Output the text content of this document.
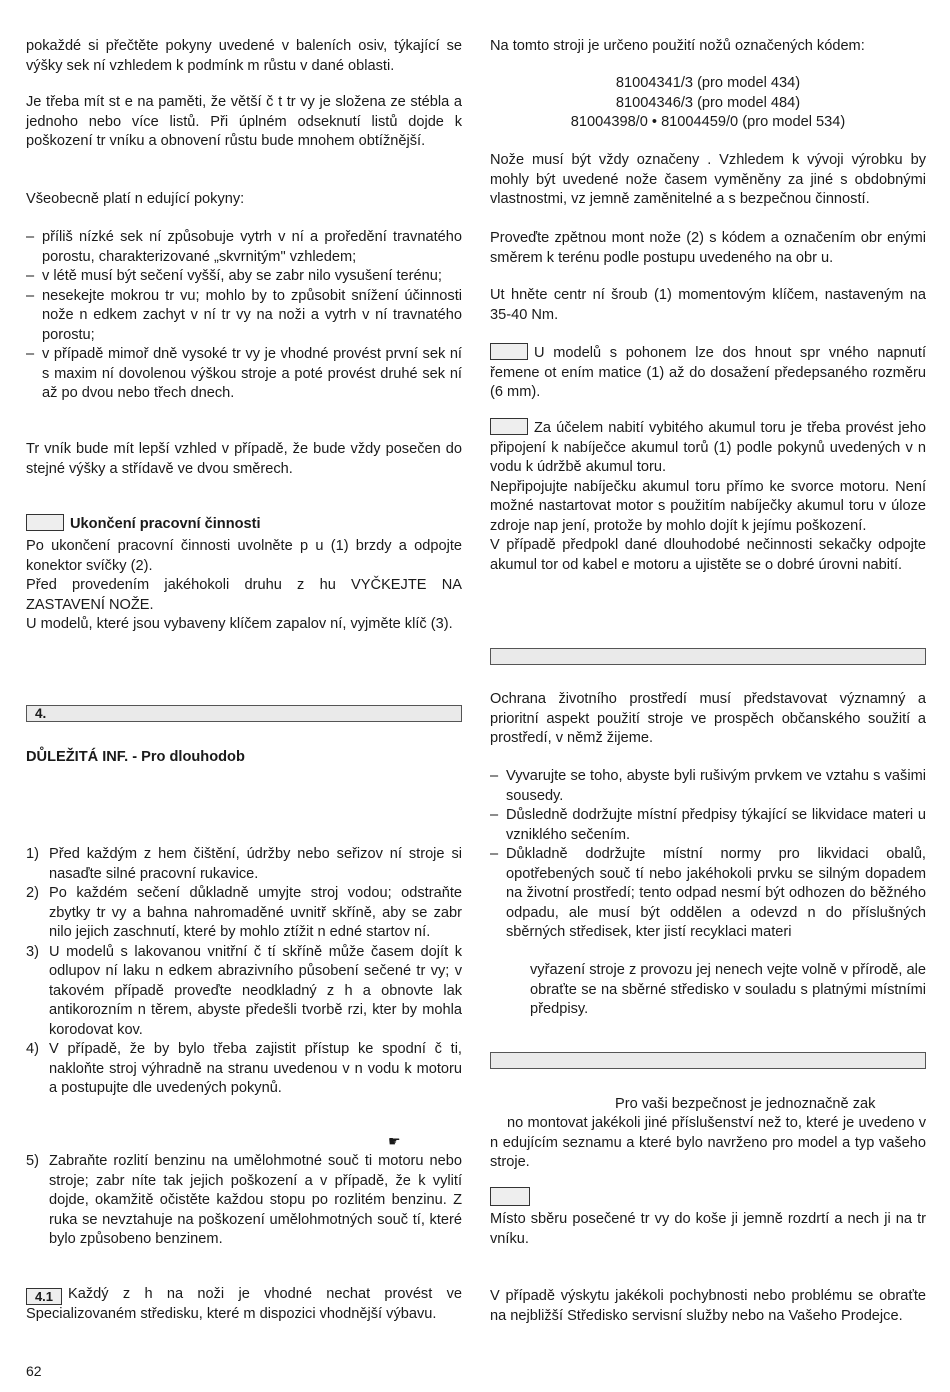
pokaždé si přečtěte pokyny uvedené v baleních osiv, týkající se výšky sek ní vzhledem k podmínk m růstu v dané oblasti.

Je třeba mít st e na paměti, že větší č t tr vy je složena ze stébla a jednoho nebo více listů. Při úplném odseknutí listů dojde k poškození tr vníku a obnovení růstu bude mnohem obtížnější.

Všeobecně platí n edující pokyny:

– příliš nízké sek ní způsobuje vytrh v ní a proředění travnatého porostu, charakterizované „skvrnitým" vzhledem;
– v létě musí být sečení vyšší, aby se zabr nilo vysušení terénu;
– nesekejte mokrou tr vu; mohlo by to způsobit snížení účinnosti nože n edkem zachyt v ní tr vy na noži a vytrh v ní travnatého porostu;
– v případě mimoř dně vysoké tr vy je vhodné provést první sek ní s maxim ní dovolenou výškou stroje a poté provést druhé sek ní až po dvou nebo třech dnech.

Tr vník bude mít lepší vzhled v případě, že bude vždy posečen do stejné výšky a střídavě ve dvou směrech.

Ukončení pracovní činnosti

Po ukončení pracovní činnosti uvolněte p u (1) brzdy a odpojte konektor svíčky (2).

Před provedením jakéhokoli druhu z hu VYČKEJTE NA ZASTAVENÍ NOŽE.

U modelů, které jsou vybaveny klíčem zapalov ní, vyjměte klíč (3).

4.

DŮLEŽITÁ INF. - Pro dlouhodob

1) Před každým z hem čištění, údržby nebo seřizov ní stroje si nasaďte silné pracovní rukavice.
2) Po každém sečení důkladně umyjte stroj vodou; odstraňte zbytky tr vy a bahna nahromaděné uvnitř skříně, aby se zabr nilo jejich zaschnutí, které by mohlo ztížit n edné startov ní.
3) U modelů s lakovanou vnitřní č tí skříně může časem dojít k odlupov ní laku n edkem abrazivního působení sečené tr vy; v takovém případě proveďte neodkladný z h a obnovte lak antikorozním n těrem, abyste předešli tvorbě rzi, kter by mohla korodovat kov.
4) V případě, že by bylo třeba zajistit přístup ke spodní č ti, nakloňte stroj výhradně na stranu uvedenou v n vodu k motoru a postupujte dle uvedených pokynů.
☛
5) Zabraňte rozlití benzinu na umělohmotné souč ti motoru nebo stroje; zabr níte tak jejich poškození a v případě, že k vylití dojde, okamžitě očistěte každou stopu po rozlitém benzinu. Z ruka se nevztahuje na poškození umělohmotných souč tí, které bylo způsobeno benzinem.
4.1 Každý z h na noži je vhodné nechat provést ve Specializovaném středisku, které m dispozici vhodnější výbavu.
62

Na tomto stroji je určeno použití nožů označených kódem:

81004341/3 (pro model 434)
81004346/3 (pro model 484)
81004398/0 • 81004459/0 (pro model 534)

Nože musí být vždy označeny . Vzhledem k vývoji výrobku by mohly být uvedené nože časem vyměněny za jiné s obdobnými vlastnostmi, vz jemně zaměnitelné a s bezpečnou činností.

Proveďte zpětnou mont nože (2) s kódem a označením obr enými směrem k terénu podle postupu uvedeného na obr u.

Ut hněte centr ní šroub (1) momentovým klíčem, nastaveným na 35-40 Nm.

U modelů s pohonem lze dos hnout spr vného napnutí řemene ot ením matice (1) až do dosažení předepsaného rozměru (6 mm).

Za účelem nabití vybitého akumul toru je třeba provést jeho připojení k nabíječce akumul torů (1) podle pokynů uvedených v n vodu k údržbě akumul toru.

Nepřipojujte nabíječku akumul toru přímo ke svorce motoru. Není možné nastartovat motor s použitím nabíječky akumul toru v úloze zdroje nap jení, protože by mohlo dojít k jejímu poškození.

V případě předpokl dané dlouhodobé nečinnosti sekačky odpojte akumul tor od kabel e motoru a ujistěte se o dobré úrovni nabití.

Ochrana životního prostředí musí představovat významný a prioritní aspekt použití stroje ve prospěch občanského soužití a prostředí, v němž žijeme.

– Vyvarujte se toho, abyste byli rušivým prvkem ve vztahu s vašimi sousedy.
– Důsledně dodržujte místní předpisy týkající se likvidace materi u vzniklého sečením.
– Důkladně dodržujte místní normy pro likvidaci obalů, opotřebených souč tí nebo jakéhokoli prvku se silným dopadem na životní prostředí; tento odpad nesmí být odhozen do běžného odpadu, ale musí být oddělen a odevzd n do příslušných sběrných středisek, kter jistí recyklaci materi

vyřazení stroje z provozu jej nenech vejte volně v přírodě, ale obraťte se na sběrné středisko v souladu s platnými místními předpisy.

Pro vaši bezpečnost je jednoznačně zak

no montovat jakékoli jiné příslušenství než to, které je uvedeno v n edujícím seznamu a které bylo navrženo pro model a typ vašeho stroje.

Místo sběru posečené tr vy do koše ji jemně rozdrtí a nech ji na tr vníku.

V případě výskytu jakékoli pochybnosti nebo problému se obraťte na nejbližší Středisko servisní služby nebo na Vašeho Prodejce.
